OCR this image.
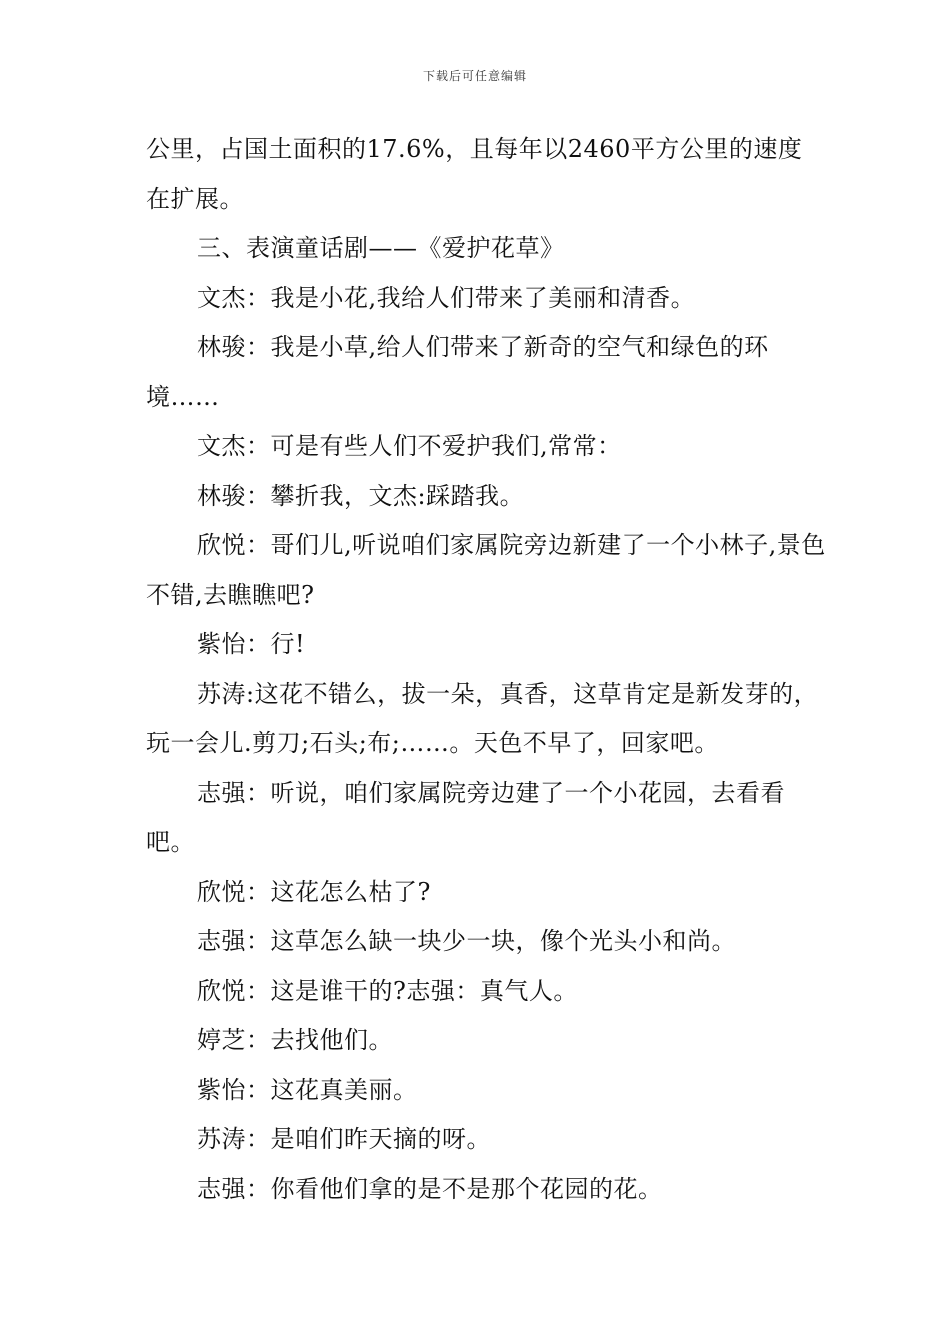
下载后可任意编辑

公里，占国土面积的17.6%，且每年以2460平方公里的速度在扩展。

三、表演童话剧——《爱护花草》

文杰：我是小花,我给人们带来了美丽和清香。

林骏：我是小草,给人们带来了新奇的空气和绿色的环境……

文杰：可是有些人们不爱护我们,常常：

林骏：攀折我，文杰:踩踏我。

欣悦：哥们儿,听说咱们家属院旁边新建了一个小林子,景色不错,去瞧瞧吧?

紫怡：行!

苏涛:这花不错么，拔一朵，真香，这草肯定是新发芽的，玩一会儿.剪刀;石头;布;……。天色不早了，回家吧。

志强：听说，咱们家属院旁边建了一个小花园，去看看吧。

欣悦：这花怎么枯了?

志强：这草怎么缺一块少一块，像个光头小和尚。

欣悦：这是谁干的?志强：真气人。

婷芝：去找他们。

紫怡：这花真美丽。

苏涛：是咱们昨天摘的呀。

志强：你看他们拿的是不是那个花园的花。
